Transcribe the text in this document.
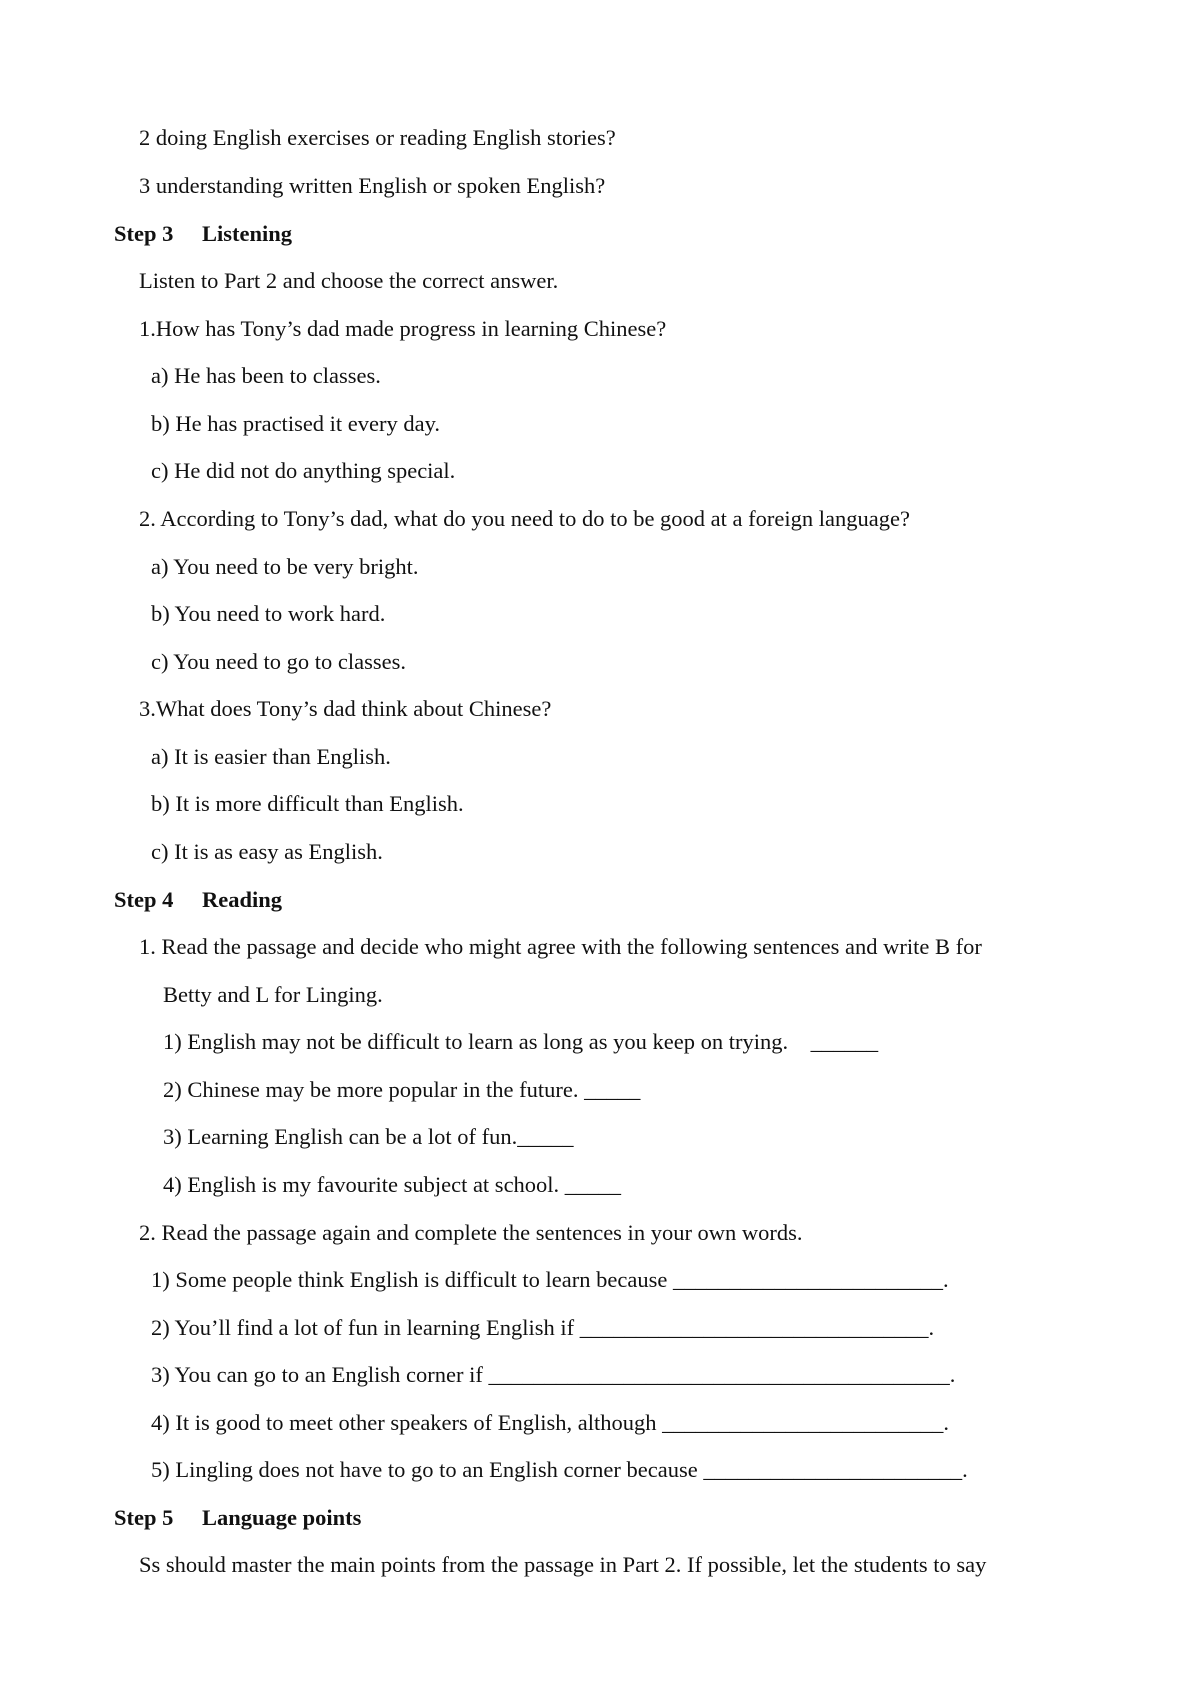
2 doing English exercises or reading English stories?
3 understanding written English or spoken English?
Step 3 Listening
Listen to Part 2 and choose the correct answer.
1.How has Tony’s dad made progress in learning Chinese?
a) He has been to classes.
b) He has practised it every day.
c) He did not do anything special.
2. According to Tony’s dad, what do you need to do to be good at a foreign language?
a) You need to be very bright.
b) You need to work hard.
c) You need to go to classes.
3.What does Tony’s dad think about Chinese?
a) It is easier than English.
b) It is more difficult than English.
c) It is as easy as English.
Step 4 Reading
1. Read the passage and decide who might agree with the following sentences and write B for
Betty and L for Linging.
1) English may not be difficult to learn as long as you keep on trying.    ______
2) Chinese may be more popular in the future. _____
3) Learning English can be a lot of fun._____
4) English is my favourite subject at school. _____
2. Read the passage again and complete the sentences in your own words.
1) Some people think English is difficult to learn because ________________________.
2) You’ll find a lot of fun in learning English if _______________________________.
3) You can go to an English corner if _________________________________________.
4) It is good to meet other speakers of English, although _________________________.
5) Lingling does not have to go to an English corner because _______________________.
Step 5 Language points
Ss should master the main points from the passage in Part 2. If possible, let the students to say
